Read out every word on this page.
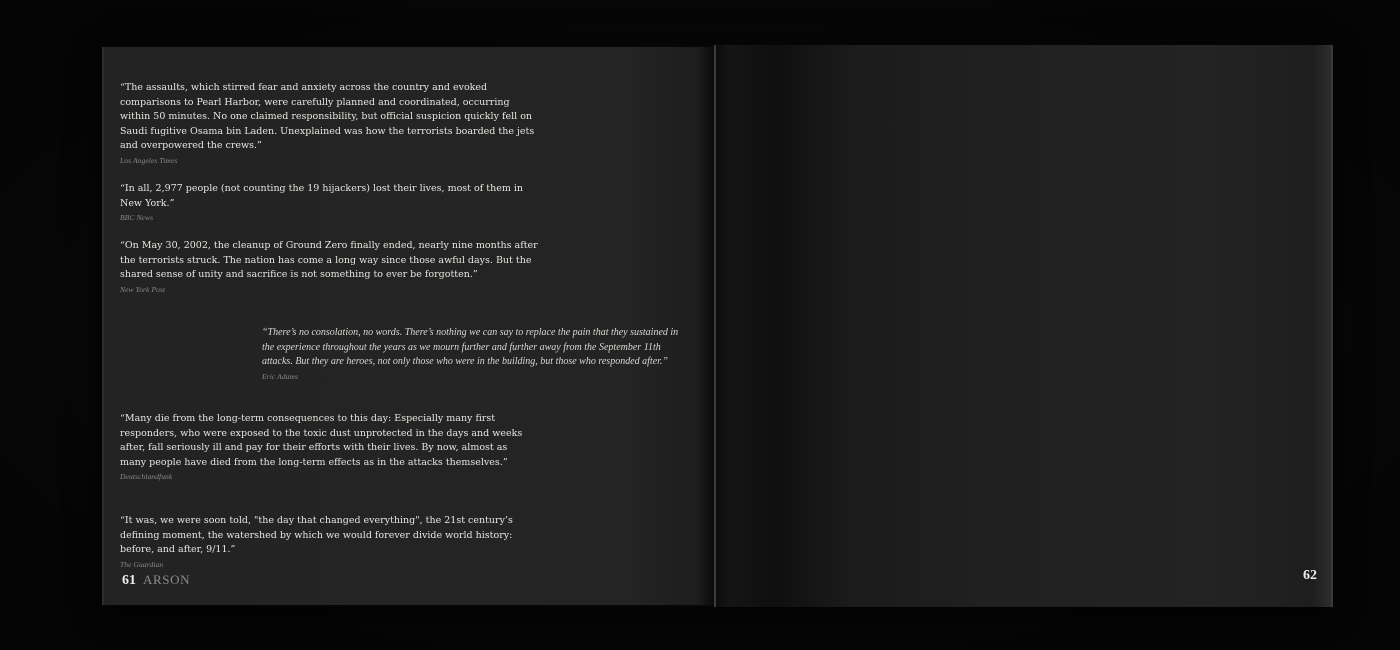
“The assaults, which stirred fear and anxiety across the country and evoked comparisons to Pearl Harbor, were carefully planned and coordinated, occurring within 50 minutes. No one claimed responsibility, but official suspicion quickly fell on Saudi fugitive Osama bin Laden. Unexplained was how the terrorists boarded the jets and overpowered the crews.”

Los Angeles Times

“In all, 2,977 people (not counting the 19 hijackers) lost their lives, most of them in New York.”

BBC News

“On May 30, 2002, the cleanup of Ground Zero finally ended, nearly nine months after the terrorists struck. The nation has come a long way since those awful days. But the shared sense of unity and sacrifice is not something to ever be forgotten.”

New York Post

“There’s no consolation, no words. There’s nothing we can say to replace the pain that they sustained in the experience throughout the years as we mourn further and further away from the September 11th attacks. But they are heroes, not only those who were in the building, but those who responded after.”

Eric Adams

“Many die from the long-term consequences to this day: Especially many first responders, who were exposed to the toxic dust unprotected in the days and weeks after, fall seriously ill and pay for their efforts with their lives. By now, almost as many people have died from the long-term effects as in the attacks themselves.”

Deutschlandfunk

“It was, we were soon told, "the day that changed everything", the 21st century’s defining moment, the watershed by which we would forever divide world history: before, and after, 9/11.”

The Guardian
61 ARSON	62
